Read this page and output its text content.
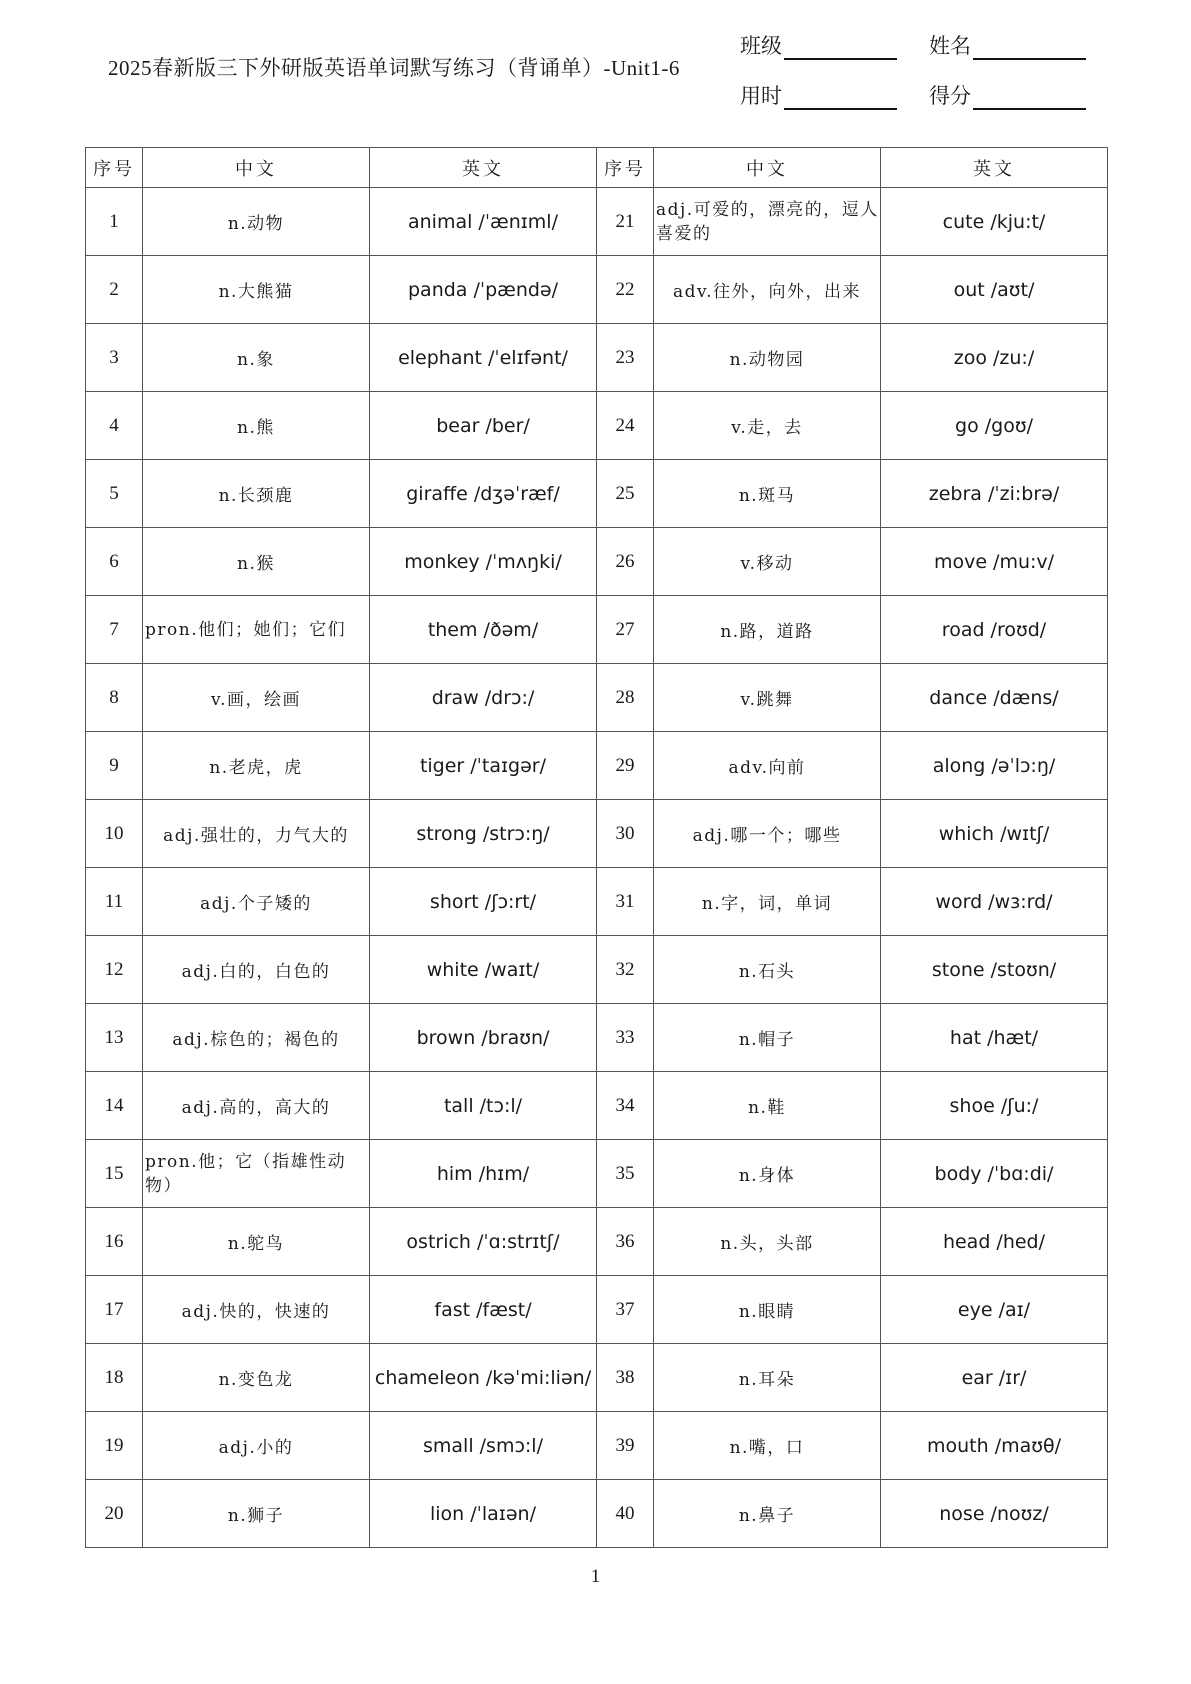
2025春新版三下外研版英语单词默写练习（背诵单）-Unit1-6
班级	姓名
用时	得分
序号	中文	英文	序号	中文	英文
1	n.动物	animal /ˈænɪml/	21	adj.可爱的，漂亮的，逗人喜爱的	cute /kju:t/
2	n.大熊猫	panda /ˈpændə/	22	adv.往外，向外，出来	out /aʊt/
3	n.象	elephant /ˈelɪfənt/	23	n.动物园	zoo /zu:/
4	n.熊	bear /ber/	24	v.走，去	go /goʊ/
5	n.长颈鹿	giraffe /dʒəˈræf/	25	n.斑马	zebra /ˈzi:brə/
6	n.猴	monkey /ˈmʌŋki/	26	v.移动	move /mu:v/
7	pron.他们；她们；它们	them /ðəm/	27	n.路，道路	road /roʊd/
8	v.画，绘画	draw /drɔ:/	28	v.跳舞	dance /dæns/
9	n.老虎，虎	tiger /ˈtaɪgər/	29	adv.向前	along /əˈlɔ:ŋ/
10	adj.强壮的，力气大的	strong /strɔ:ŋ/	30	adj.哪一个；哪些	which /wɪtʃ/
11	adj.个子矮的	short /ʃɔ:rt/	31	n.字，词，单词	word /wɜ:rd/
12	adj.白的，白色的	white /waɪt/	32	n.石头	stone /stoʊn/
13	adj.棕色的；褐色的	brown /braʊn/	33	n.帽子	hat /hæt/
14	adj.高的，高大的	tall /tɔ:l/	34	n.鞋	shoe /ʃu:/
15	pron.他；它（指雄性动物）	him /hɪm/	35	n.身体	body /ˈbɑ:di/
16	n.鸵鸟	ostrich /ˈɑ:strɪtʃ/	36	n.头，头部	head /hed/
17	adj.快的，快速的	fast /fæst/	37	n.眼睛	eye /aɪ/
18	n.变色龙	chameleon /kəˈmi:liən/	38	n.耳朵	ear /ɪr/
19	adj.小的	small /smɔ:l/	39	n.嘴，口	mouth /maʊθ/
20	n.狮子	lion /ˈlaɪən/	40	n.鼻子	nose /noʊz/
1
